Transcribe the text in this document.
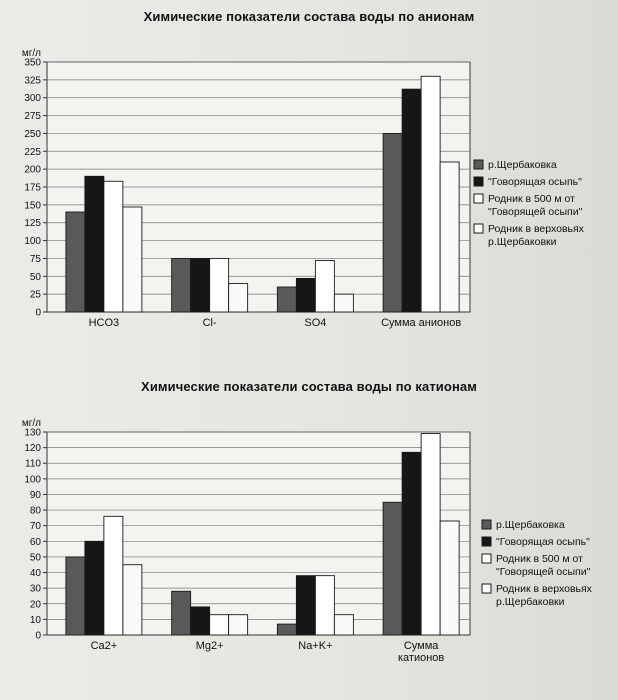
Химические показатели состава воды по анионам
0
25
50
75
100
125
150
175
200
225
250
275
300
325
350
мг/л
HCO3	Cl-	SO4	Сумма анионов
р.Щербаковка
"Говорящая осыпь"
Родник в 500 м от
"Говорящей осыпи"
Родник в верховьях
р.Щербаковки
Химические показатели состава воды по катионам
0
10
20
30
40
50
60
70
80
90
100
110
120
130
мг/л
Ca2+	Mg2+	Na+K+	Сумма
катионов
р.Щербаковка
"Говорящая осыпь"
Родник в 500 м от
"Говорящей осыпи"
Родник в верховьях
р.Щербаковки
